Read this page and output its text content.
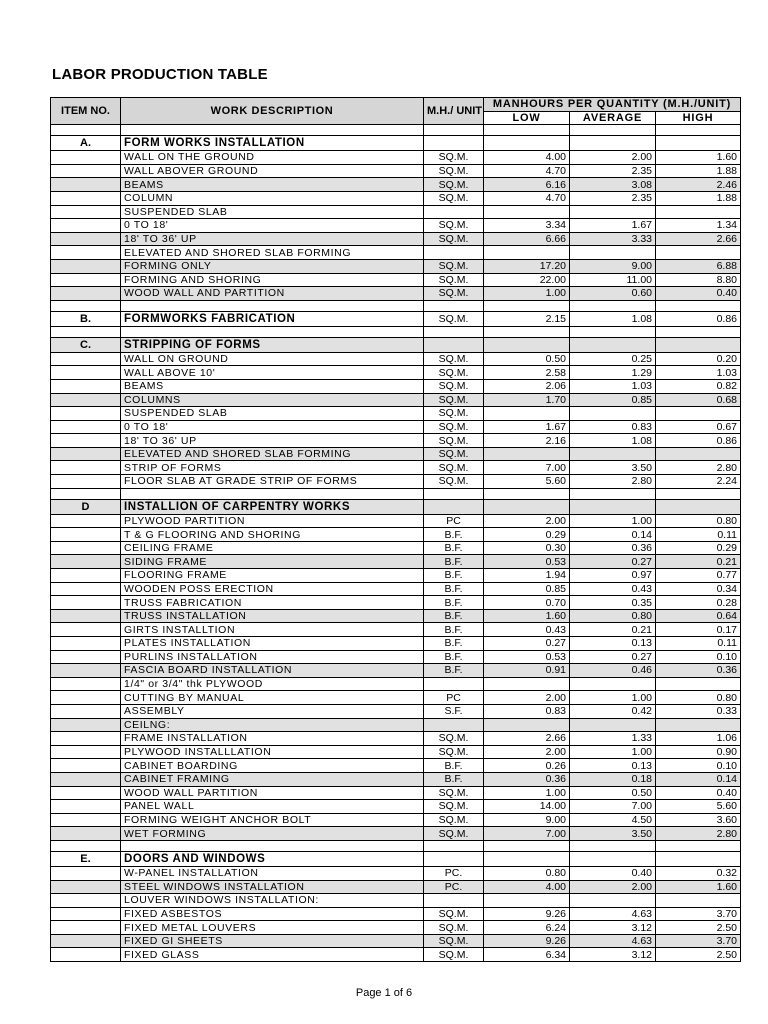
LABOR PRODUCTION TABLE
ITEM NO.	WORK DESCRIPTION	M.H./ UNIT	MANHOURS PER QUANTITY (M.H./UNIT)		
			LOW	AVERAGE	HIGH

A.	FORM WORKS INSTALLATION				
	WALL ON THE GROUND	SQ.M.	4.00	2.00	1.60
	WALL ABOVER GROUND	SQ.M.	4.70	2.35	1.88
	BEAMS	SQ.M.	6.16	3.08	2.46
	COLUMN	SQ.M.	4.70	2.35	1.88
	SUSPENDED SLAB				
	0 TO 18'	SQ.M.	3.34	1.67	1.34
	18' TO 36' UP	SQ.M.	6.66	3.33	2.66
	ELEVATED AND SHORED SLAB FORMING				
	FORMING ONLY	SQ.M.	17.20	9.00	6.88
	FORMING AND SHORING	SQ.M.	22.00	11.00	8.80
	WOOD WALL AND PARTITION	SQ.M.	1.00	0.60	0.40

B.	FORMWORKS FABRICATION	SQ.M.	2.15	1.08	0.86

C.	STRIPPING OF FORMS				
	WALL ON GROUND	SQ.M.	0.50	0.25	0.20
	WALL ABOVE 10'	SQ.M.	2.58	1.29	1.03
	BEAMS	SQ.M.	2.06	1.03	0.82
	COLUMNS	SQ.M.	1.70	0.85	0.68
	SUSPENDED SLAB	SQ.M.			
	0 TO 18'	SQ.M.	1.67	0.83	0.67
	18' TO 36' UP	SQ.M.	2.16	1.08	0.86
	ELEVATED AND SHORED SLAB FORMING	SQ.M.			
	STRIP OF FORMS	SQ.M.	7.00	3.50	2.80
	FLOOR SLAB AT GRADE STRIP OF FORMS	SQ.M.	5.60	2.80	2.24

D	INSTALLION OF CARPENTRY WORKS				
	PLYWOOD PARTITION	PC	2.00	1.00	0.80
	T & G FLOORING AND SHORING	B.F.	0.29	0.14	0.11
	CEILING FRAME	B.F.	0.30	0.36	0.29
	SIDING FRAME	B.F.	0.53	0.27	0.21
	FLOORING FRAME	B.F.	1.94	0.97	0.77
	WOODEN POSS ERECTION	B.F.	0.85	0.43	0.34
	TRUSS FABRICATION	B.F.	0.70	0.35	0.28
	TRUSS INSTALLATION	B.F.	1.60	0.80	0.64
	GIRTS INSTALLTION	B.F.	0.43	0.21	0.17
	PLATES INSTALLATION	B.F.	0.27	0.13	0.11
	PURLINS INSTALLATION	B.F.	0.53	0.27	0.10
	FASCIA BOARD INSTALLATION	B.F.	0.91	0.46	0.36
	1/4" or 3/4" thk PLYWOOD				
	CUTTING BY MANUAL	PC	2.00	1.00	0.80
	ASSEMBLY	S.F.	0.83	0.42	0.33
	CEILNG:				
	FRAME INSTALLATION	SQ.M.	2.66	1.33	1.06
	PLYWOOD INSTALLLATION	SQ.M.	2.00	1.00	0.90
	CABINET BOARDING	B.F.	0.26	0.13	0.10
	CABINET FRAMING	B.F.	0.36	0.18	0.14
	WOOD WALL PARTITION	SQ.M.	1.00	0.50	0.40
	PANEL WALL	SQ.M.	14.00	7.00	5.60
	FORMING WEIGHT ANCHOR BOLT	SQ.M.	9.00	4.50	3.60
	WET FORMING	SQ.M.	7.00	3.50	2.80

E.	DOORS AND WINDOWS				
	W-PANEL INSTALLATION	PC.	0.80	0.40	0.32
	STEEL WINDOWS INSTALLATION	PC.	4.00	2.00	1.60
	LOUVER WINDOWS INSTALLATION:				
	FIXED ASBESTOS	SQ.M.	9.26	4.63	3.70
	FIXED METAL LOUVERS	SQ.M.	6.24	3.12	2.50
	FIXED GI SHEETS	SQ.M.	9.26	4.63	3.70
	FIXED GLASS	SQ.M.	6.34	3.12	2.50
Page 1 of 6
